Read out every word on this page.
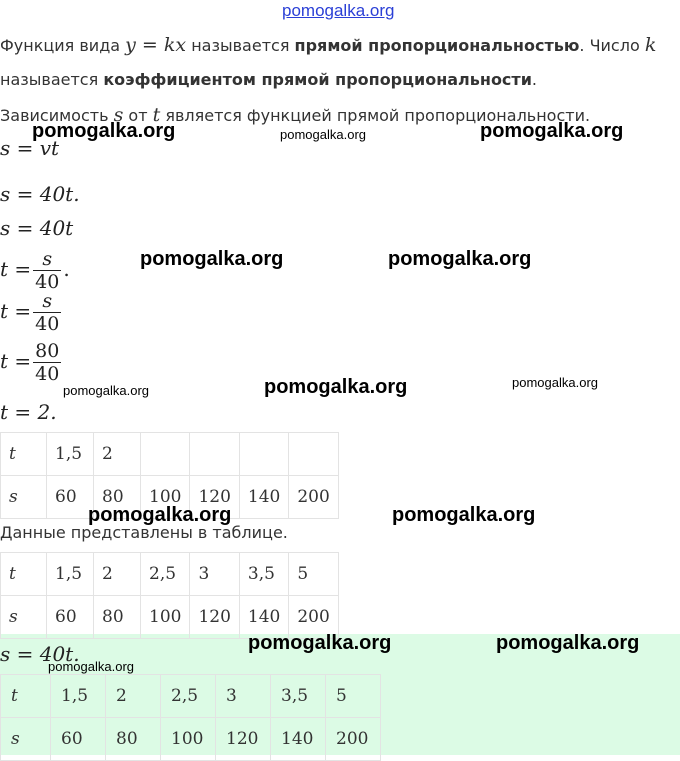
pomogalka.org
Функция вида y = kx называется прямой пропорциональностью. Число k
называется коэффициентом прямой пропорциональности.
Зависимость s от t является функцией прямой пропорциональности.
s = vt
s = 40t.
s = 40t
$t = \frac{s}{40}$ .
$t = \frac{s}{40}$
$t = \frac{80}{40}$
t = 2.
t	1,5	2				
s	60	80	100	120	140	200
Данные представлены в таблице.
t	1,5	2	2,5	3	3,5	5
s	60	80	100	120	140	200
s = 40t.
t	1,5	2	2,5	3	3,5	5
s	60	80	100	120	140	200
pomogalka.org	pomogalka.org	pomogalka.org
pomogalka.org	pomogalka.org
pomogalka.org	pomogalka.org	pomogalka.org
pomogalka.org	pomogalka.org
pomogalka.org	pomogalka.org
pomogalka.org
